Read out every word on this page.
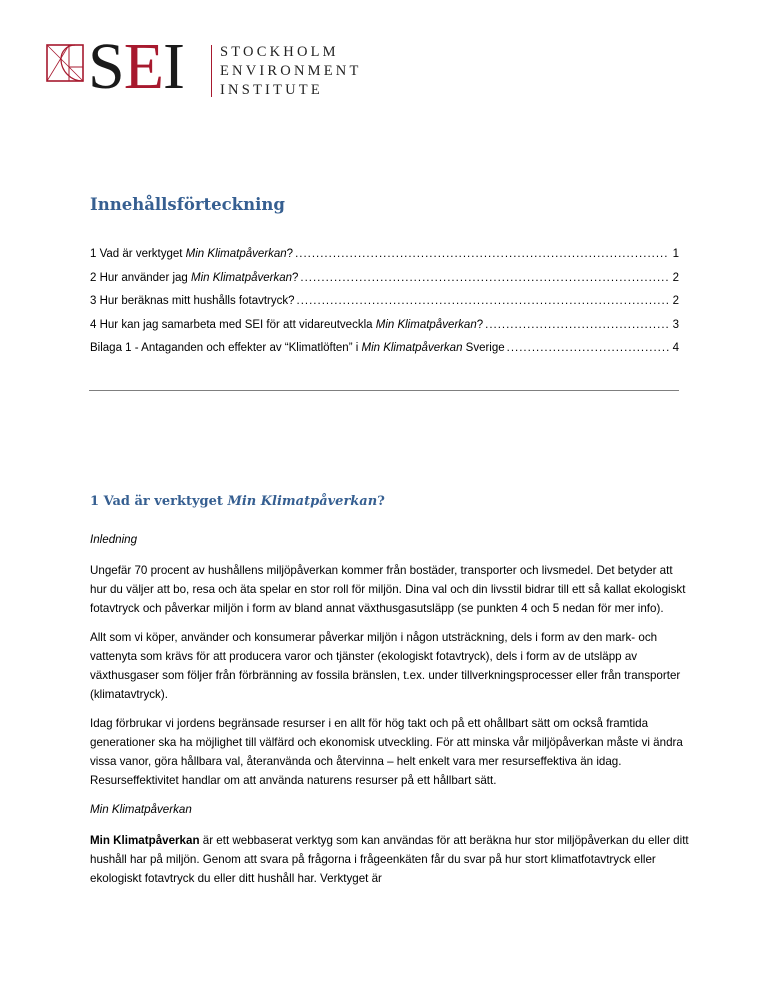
SEI STOCKHOLM
ENVIRONMENT
INSTITUTE
Innehållsförteckning
1 Vad är verktyget Min Klimatpåverkan? .....	1
2 Hur använder jag Min Klimatpåverkan? .....	2
3 Hur beräknas mitt hushålls fotavtryck? .....	2
4 Hur kan jag samarbeta med SEI för att vidareutveckla Min Klimatpåverkan? .....	3
Bilaga 1 - Antaganden och effekter av “Klimatlöften” i Min Klimatpåverkan Sverige .....	4
1 Vad är verktyget Min Klimatpåverkan?

Inledning

Ungefär 70 procent av hushållens miljöpåverkan kommer från bostäder, transporter och livsmedel. Det betyder att hur du väljer att bo, resa och äta spelar en stor roll för miljön. Dina val och din livsstil bidrar till ett så kallat ekologiskt fotavtryck och påverkar miljön i form av bland annat växthusgasutsläpp (se punkten 4 och 5 nedan för mer info).

Allt som vi köper, använder och konsumerar påverkar miljön i någon utsträckning, dels i form av den mark- och vattenyta som krävs för att producera varor och tjänster (ekologiskt fotavtryck), dels i form av de utsläpp av växthusgaser som följer från förbränning av fossila bränslen, t.ex. under tillverkningsprocesser eller från transporter (klimatavtryck).

Idag förbrukar vi jordens begränsade resurser i en allt för hög takt och på ett ohållbart sätt om också framtida generationer ska ha möjlighet till välfärd och ekonomisk utveckling. För att minska vår miljöpåverkan måste vi ändra vissa vanor, göra hållbara val, återanvända och återvinna – helt enkelt vara mer resurseffektiva än idag. Resurseffektivitet handlar om att använda naturens resurser på ett hållbart sätt.

Min Klimatpåverkan

Min Klimatpåverkan är ett webbaserat verktyg som kan användas för att beräkna hur stor miljöpåverkan du eller ditt hushåll har på miljön. Genom att svara på frågorna i frågeenkäten får du svar på hur stort klimatfotavtryck eller ekologiskt fotavtryck du eller ditt hushåll har. Verktyget är
